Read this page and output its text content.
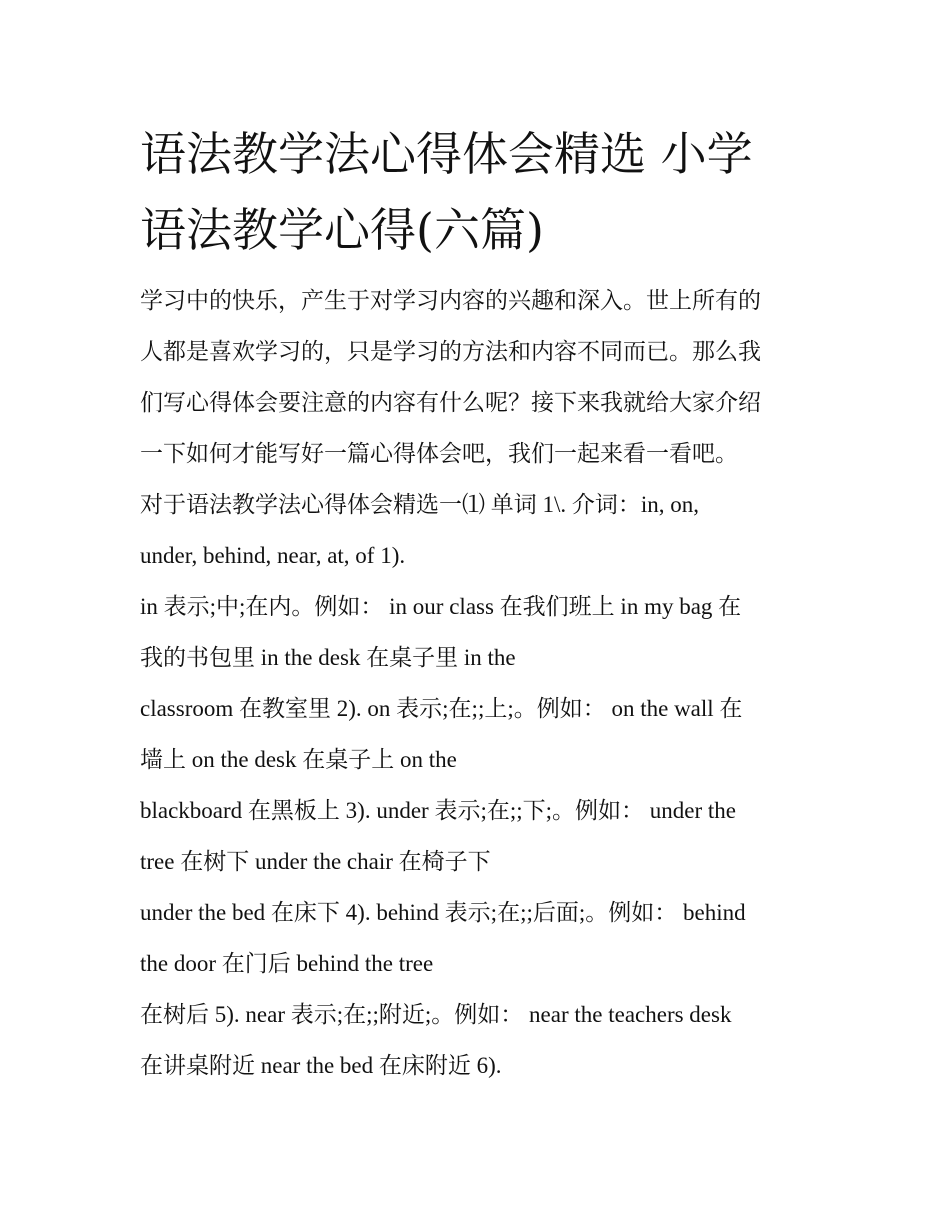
语法教学法心得体会精选 小学
语法教学心得(六篇)
学习中的快乐，产生于对学习内容的兴趣和深入。世上所有的
人都是喜欢学习的，只是学习的方法和内容不同而已。那么我
们写心得体会要注意的内容有什么呢？接下来我就给大家介绍
一下如何才能写好一篇心得体会吧，我们一起来看一看吧。
对于语法教学法心得体会精选一⑴ 单词 1\. 介词：in, on,
under, behind, near, at, of 1).
in 表示;中;在内。例如： in our class 在我们班上 in my bag 在
我的书包里 in the desk 在桌子里 in the
classroom 在教室里 2). on 表示;在;;上;。例如： on the wall 在
墙上 on the desk 在桌子上 on the
blackboard 在黑板上 3). under 表示;在;;下;。例如： under the
tree 在树下 under the chair 在椅子下
under the bed 在床下 4). behind 表示;在;;后面;。例如： behind
the door 在门后 behind the tree
在树后 5). near 表示;在;;附近;。例如： near the teachers desk
在讲桌附近 near the bed 在床附近 6).
